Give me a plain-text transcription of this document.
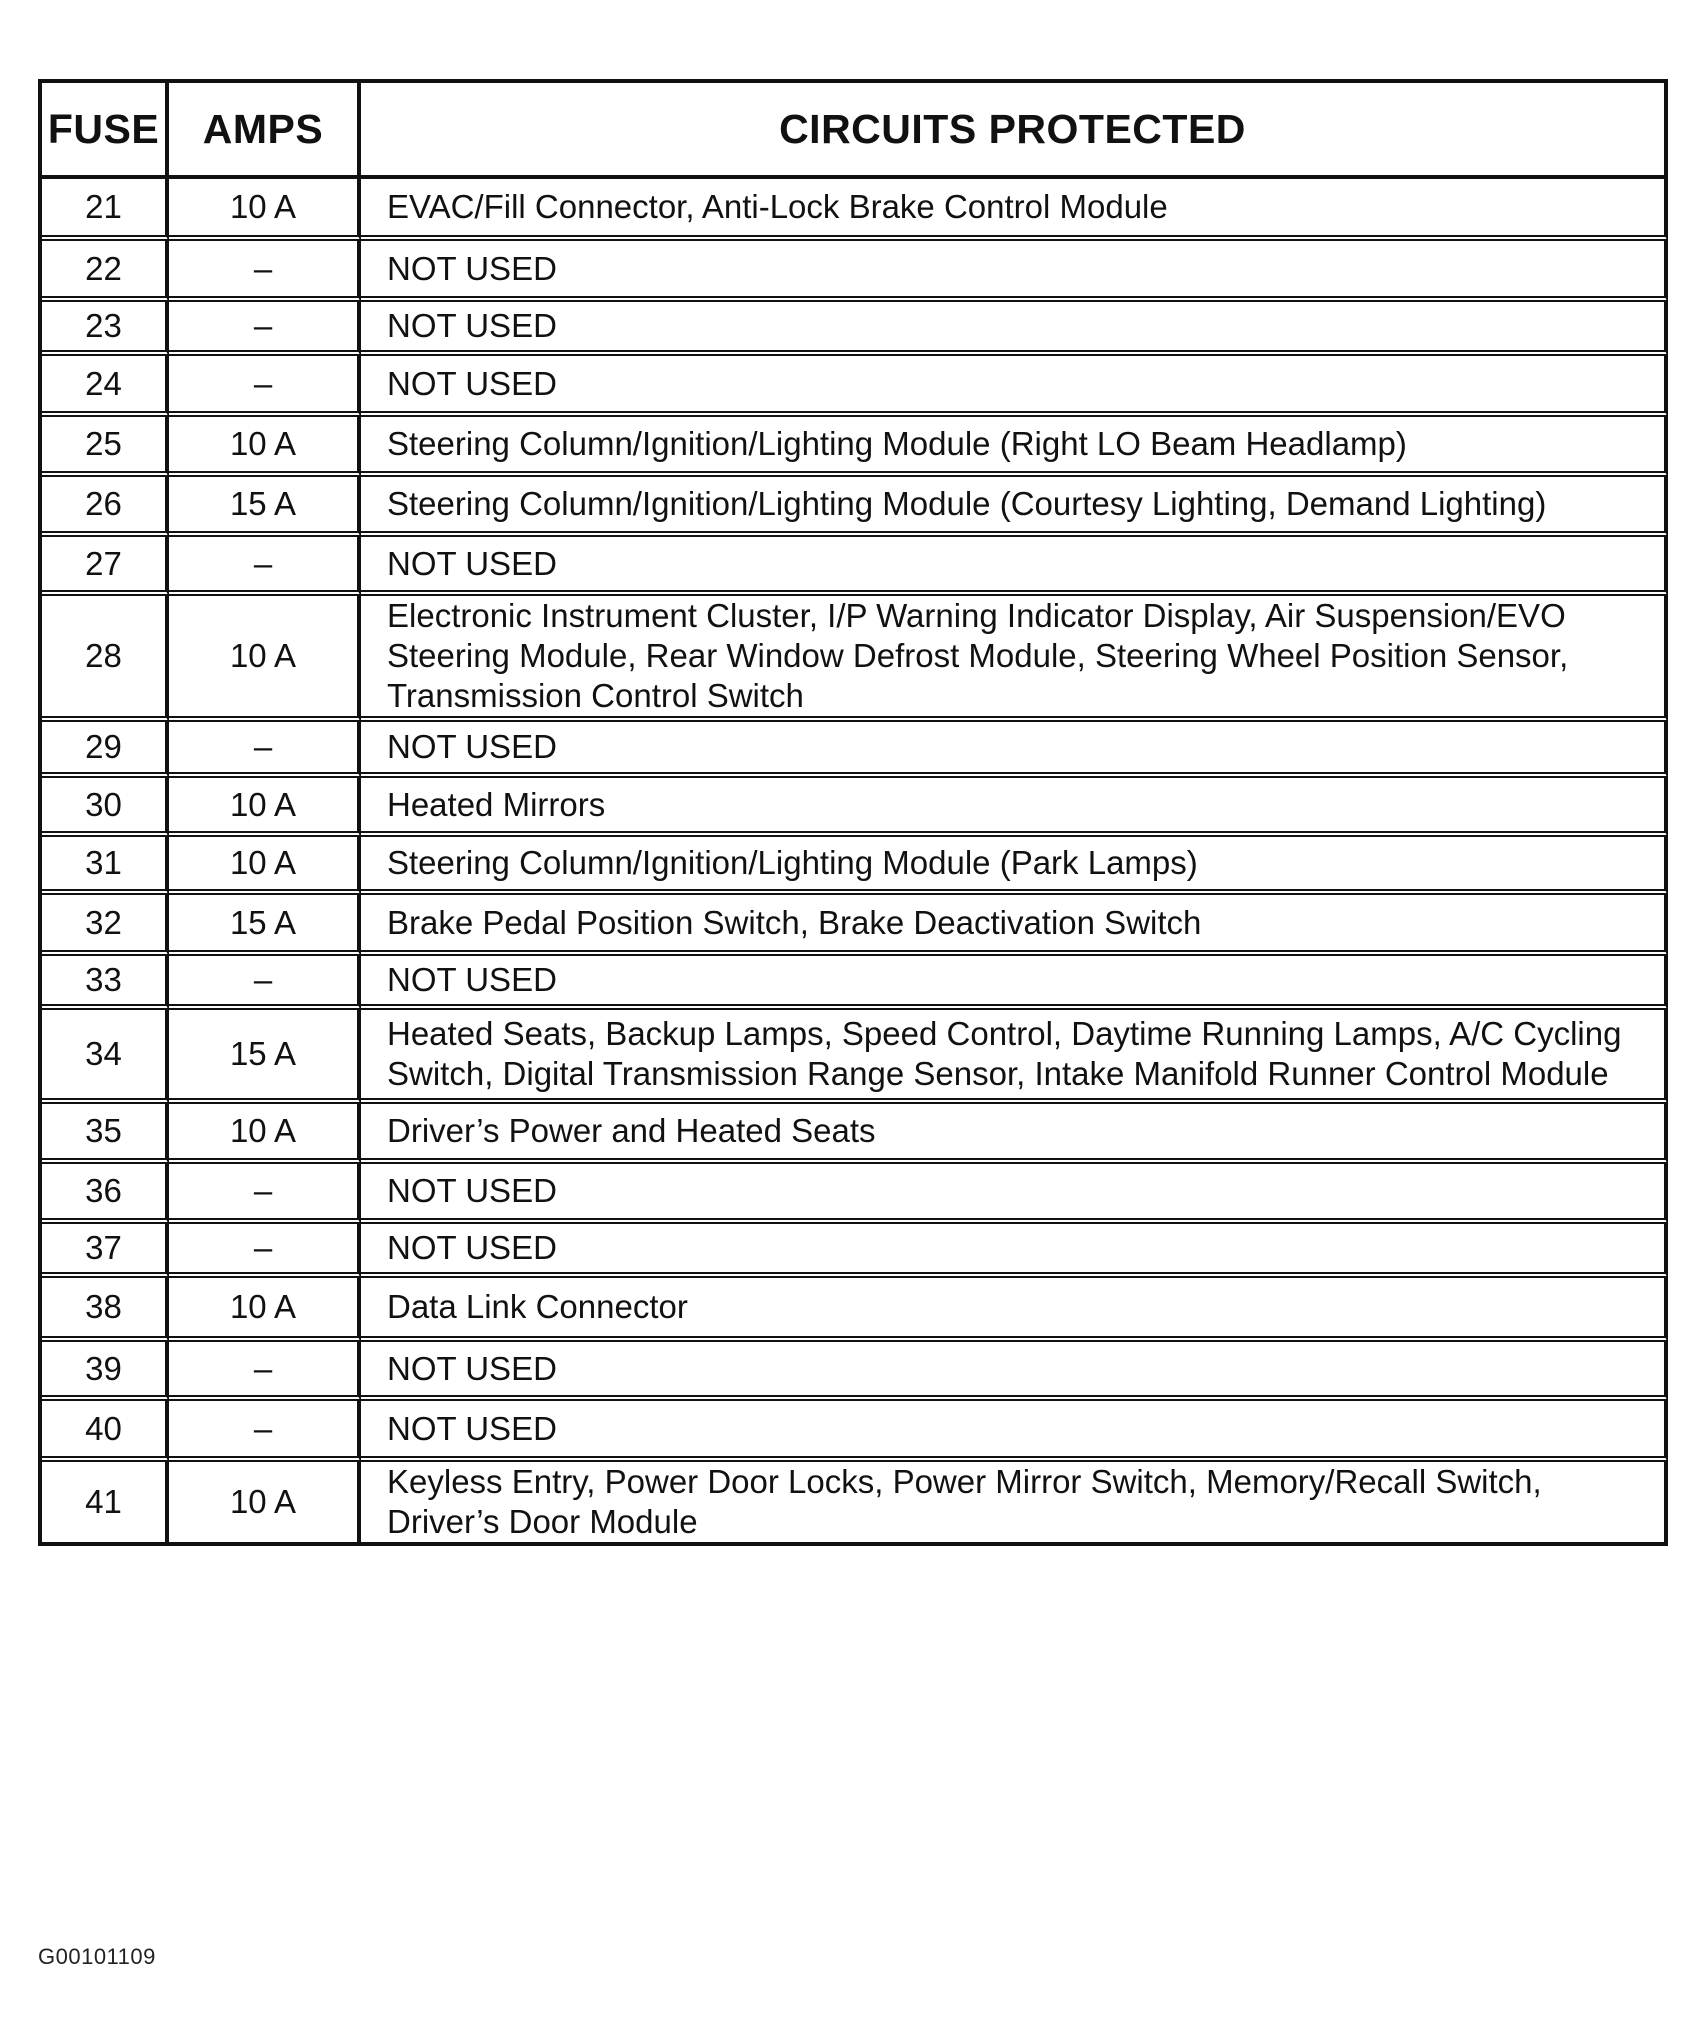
FUSE	AMPS	CIRCUITS PROTECTED
21	10 A	EVAC/Fill Connector, Anti-Lock Brake Control Module
22	–	NOT USED
23	–	NOT USED
24	–	NOT USED
25	10 A	Steering Column/Ignition/Lighting Module (Right LO Beam Headlamp)
26	15 A	Steering Column/Ignition/Lighting Module (Courtesy Lighting, Demand Lighting)
27	–	NOT USED
28	10 A	Electronic Instrument Cluster, I/P Warning Indicator Display, Air Suspension/EVO Steering Module, Rear Window Defrost Module, Steering Wheel Position Sensor, Transmission Control Switch
29	–	NOT USED
30	10 A	Heated Mirrors
31	10 A	Steering Column/Ignition/Lighting Module (Park Lamps)
32	15 A	Brake Pedal Position Switch, Brake Deactivation Switch
33	–	NOT USED
34	15 A	Heated Seats, Backup Lamps, Speed Control, Daytime Running Lamps, A/C Cycling Switch, Digital Transmission Range Sensor, Intake Manifold Runner Control Module
35	10 A	Driver’s Power and Heated Seats
36	–	NOT USED
37	–	NOT USED
38	10 A	Data Link Connector
39	–	NOT USED
40	–	NOT USED
41	10 A	Keyless Entry, Power Door Locks, Power Mirror Switch, Memory/Recall Switch, Driver’s Door Module
G00101109
